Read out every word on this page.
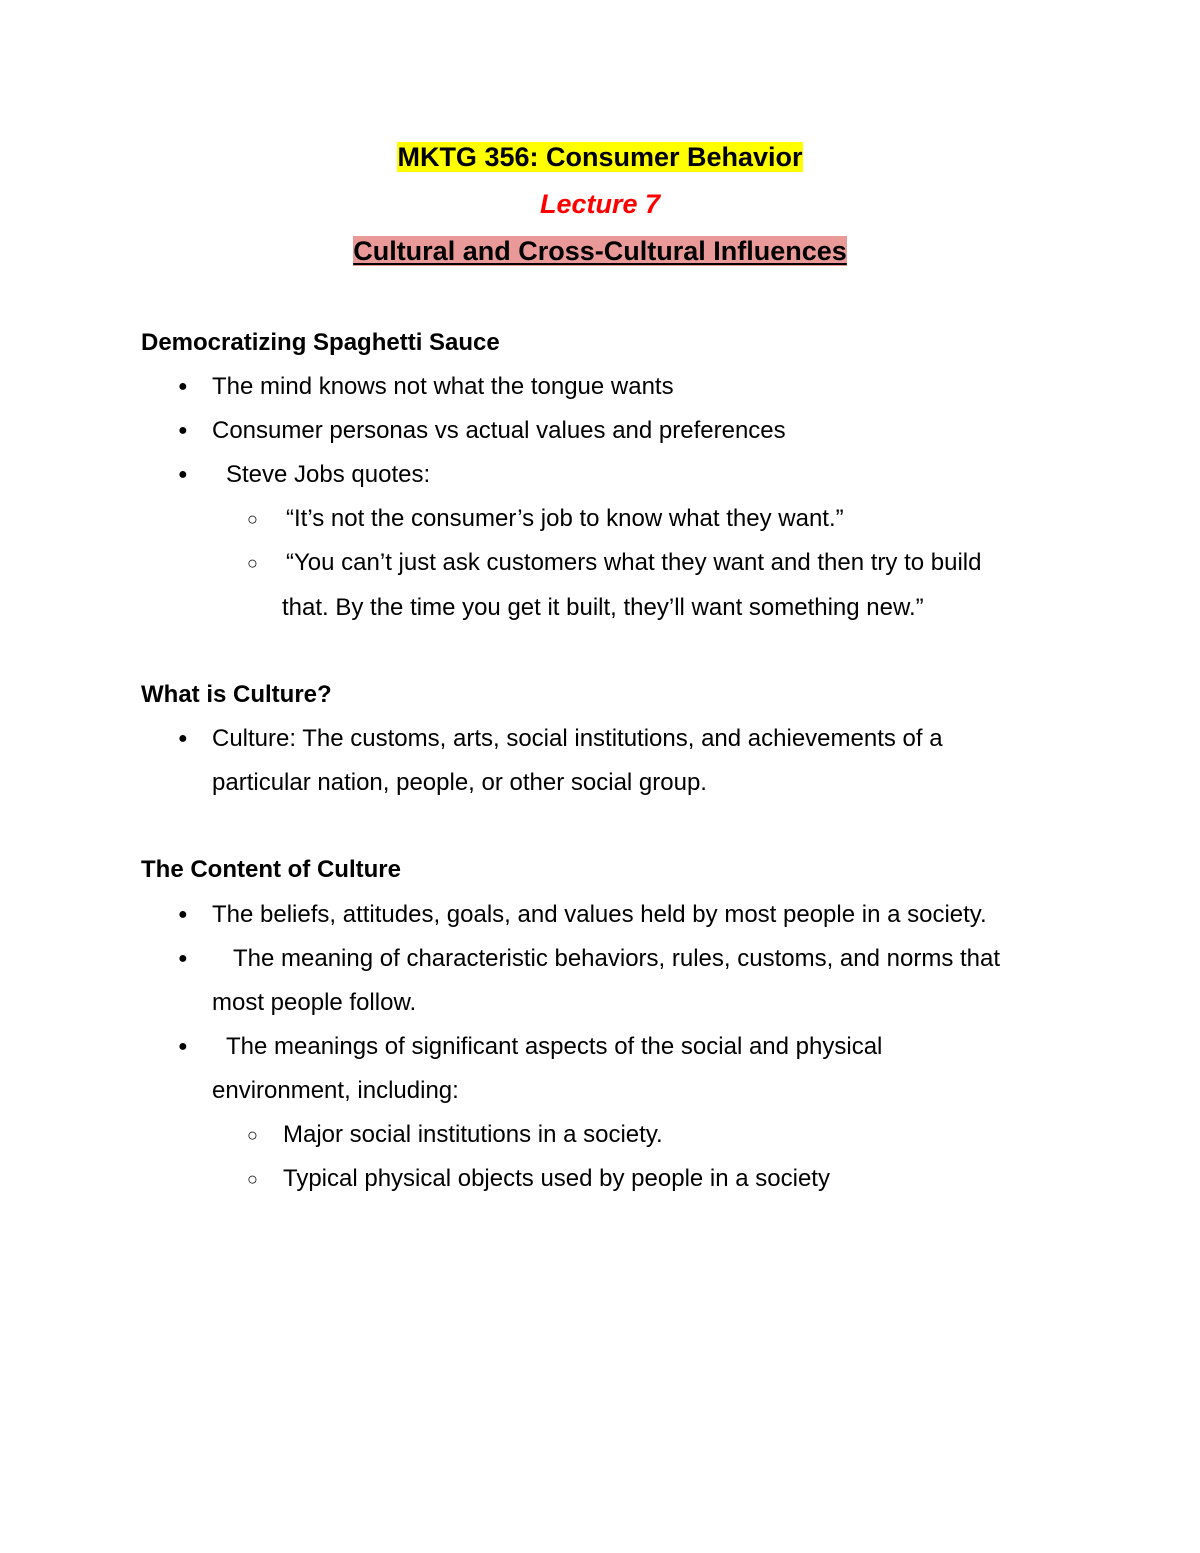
MKTG 356: Consumer Behavior
Lecture 7
Cultural and Cross-Cultural Influences
Democratizing Spaghetti Sauce
● The mind knows not what the tongue wants
● Consumer personas vs actual values and preferences
● Steve Jobs quotes:
○ “It’s not the consumer’s job to know what they want.”
○ “You can’t just ask customers what they want and then try to build
that. By the time you get it built, they’ll want something new.”
What is Culture?
● Culture: The customs, arts, social institutions, and achievements of a
particular nation, people, or other social group.
The Content of Culture
● The beliefs, attitudes, goals, and values held by most people in a society.
● The meaning of characteristic behaviors, rules, customs, and norms that
most people follow.
● The meanings of significant aspects of the social and physical
environment, including:
○ Major social institutions in a society.
○ Typical physical objects used by people in a society
